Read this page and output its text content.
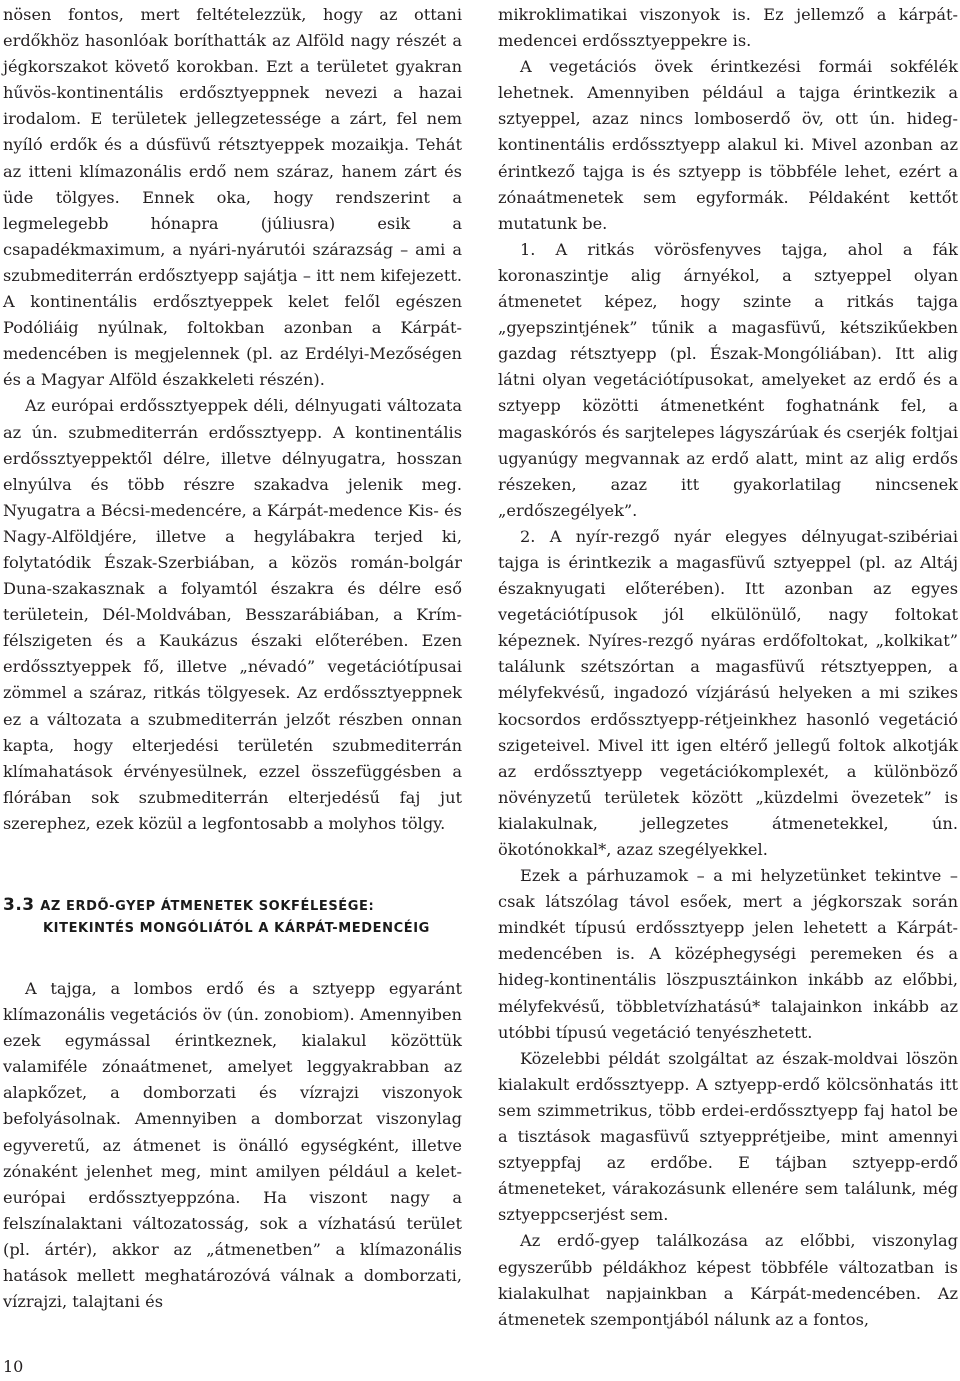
nösen fontos, mert feltételezzük, hogy az ottani erdőkhöz hasonlóak boríthatták az Alföld nagy részét a jégkorszakot követő korokban. Ezt a területet gyakran hűvös-kontinentális erdősztyeppnek nevezi a hazai irodalom. E területek jellegzetessége a zárt, fel nem nyíló erdők és a dúsfüvű rétsztyeppek mozaikja. Tehát az itteni klímazonális erdő nem száraz, hanem zárt és üde tölgyes. Ennek oka, hogy rendszerint a legmelegebb hónapra (júliusra) esik a csapadékmaximum, a nyári-nyárutói szárazság – ami a szubmediterrán erdősztyepp sajátja – itt nem kifejezett. A kontinentális erdősztyeppek kelet felől egészen Podóliáig nyúlnak, foltokban azonban a Kárpát-medencében is megjelennek (pl. az Erdélyi-Mezőségen és a Magyar Alföld északkeleti részén).

Az európai erdőssztyeppek déli, délnyugati változata az ún. szubmediterrán erdőssztyepp. A kontinentális erdőssztyeppektől délre, illetve délnyugatra, hosszan elnyúlva és több részre szakadva jelenik meg. Nyugatra a Bécsi-medencére, a Kárpát-medence Kis- és Nagy-Alföldjére, illetve a hegylábakra terjed ki, folytatódik Észak-Szerbiában, a közös román-bolgár Duna-szakasznak a folyamtól északra és délre eső területein, Dél-Moldvában, Besszarábiában, a Krím-félszigeten és a Kaukázus északi előterében. Ezen erdőssztyeppek fő, illetve „névadó” vegetációtípusai zömmel a száraz, ritkás tölgyesek. Az erdőssztyeppnek ez a változata a szubmediterrán jelzőt részben onnan kapta, hogy elterjedési területén szubmediterrán klímahatások érvényesülnek, ezzel összefüggésben a flórában sok szubmediterrán elterjedésű faj jut szerephez, ezek közül a legfontosabb a molyhos tölgy.

3.3 AZ ERDŐ-GYEP ÁTMENETEK SOKFÉLESÉGE:
KITEKINTÉS MONGÓLIÁTÓL A KÁRPÁT-MEDENCÉIG

A tajga, a lombos erdő és a sztyepp egyaránt klímazonális vegetációs öv (ún. zonobiom). Amennyiben ezek egymással érintkeznek, kialakul közöttük valamiféle zónaátmenet, amelyet leggyakrabban az alapkőzet, a domborzati és vízrajzi viszonyok befolyásolnak. Amennyiben a domborzat viszonylag egyveretű, az átmenet is önálló egységként, illetve zónaként jelenhet meg, mint amilyen például a kelet-európai erdőssztyeppzóna. Ha viszont nagy a felszínalaktani változatosság, sok a vízhatású terület (pl. ártér), akkor az „átmenetben” a klímazonális hatások mellett meghatározóvá válnak a domborzati, vízrajzi, talajtani és

mikroklimatikai viszonyok is. Ez jellemző a kárpát-medencei erdőssztyeppekre is.

A vegetációs övek érintkezési formái sokfélék lehetnek. Amennyiben például a tajga érintkezik a sztyeppel, azaz nincs lomboserdő öv, ott ún. hideg-kontinentális erdőssztyepp alakul ki. Mivel azonban az érintkező tajga is és sztyepp is többféle lehet, ezért a zónaátmenetek sem egyformák. Példaként kettőt mutatunk be.

1. A ritkás vörösfenyves tajga, ahol a fák koronaszintje alig árnyékol, a sztyeppel olyan átmenetet képez, hogy szinte a ritkás tajga „gyepszintjének” tűnik a magasfüvű, kétszikűekben gazdag rétsztyepp (pl. Észak-Mongóliában). Itt alig látni olyan vegetációtípusokat, amelyeket az erdő és a sztyepp közötti átmenetként foghatnánk fel, a magaskórós és sarjtelepes lágyszárúak és cserjék foltjai ugyanúgy megvannak az erdő alatt, mint az alig erdős részeken, azaz itt gyakorlatilag nincsenek „erdőszegélyek”.

2. A nyír-rezgő nyár elegyes délnyugat-szibériai tajga is érintkezik a magasfüvű sztyeppel (pl. az Altáj északnyugati előterében). Itt azonban az egyes vegetációtípusok jól elkülönülő, nagy foltokat képeznek. Nyíres-rezgő nyáras erdőfoltokat, „kolkikat” találunk szétszórtan a magasfüvű rétsztyeppen, a mélyfekvésű, ingadozó vízjárású helyeken a mi szikes kocsordos erdőssztyepp-rétjeinkhez hasonló vegetáció szigeteivel. Mivel itt igen eltérő jellegű foltok alkotják az erdőssztyepp vegetációkomplexét, a különböző növényzetű területek között „küzdelmi övezetek” is kialakulnak, jellegzetes átmenetekkel, ún. ökotónokkal*, azaz szegélyekkel.

Ezek a párhuzamok – a mi helyzetünket tekintve – csak látszólag távol esőek, mert a jégkorszak során mindkét típusú erdőssztyepp jelen lehetett a Kárpát-medencében is. A középhegységi peremeken és a hideg-kontinentális löszpusztáinkon inkább az előbbi, mélyfekvésű, többletvízhatású* talajainkon inkább az utóbbi típusú vegetáció tenyészhetett.

Közelebbi példát szolgáltat az észak-moldvai löszön kialakult erdőssztyepp. A sztyepp-erdő kölcsönhatás itt sem szimmetrikus, több erdei-erdőssztyepp faj hatol be a tisztások magasfüvű sztyepprétjeibe, mint amennyi sztyeppfaj az erdőbe. E tájban sztyepp-erdő átmeneteket, várakozásunk ellenére sem találunk, még sztyeppcserjést sem.

Az erdő-gyep találkozása az előbbi, viszonylag egyszerűbb példákhoz képest többféle változatban is kialakulhat napjainkban a Kárpát-medencében. Az átmenetek szempontjából nálunk az a fontos,

10
